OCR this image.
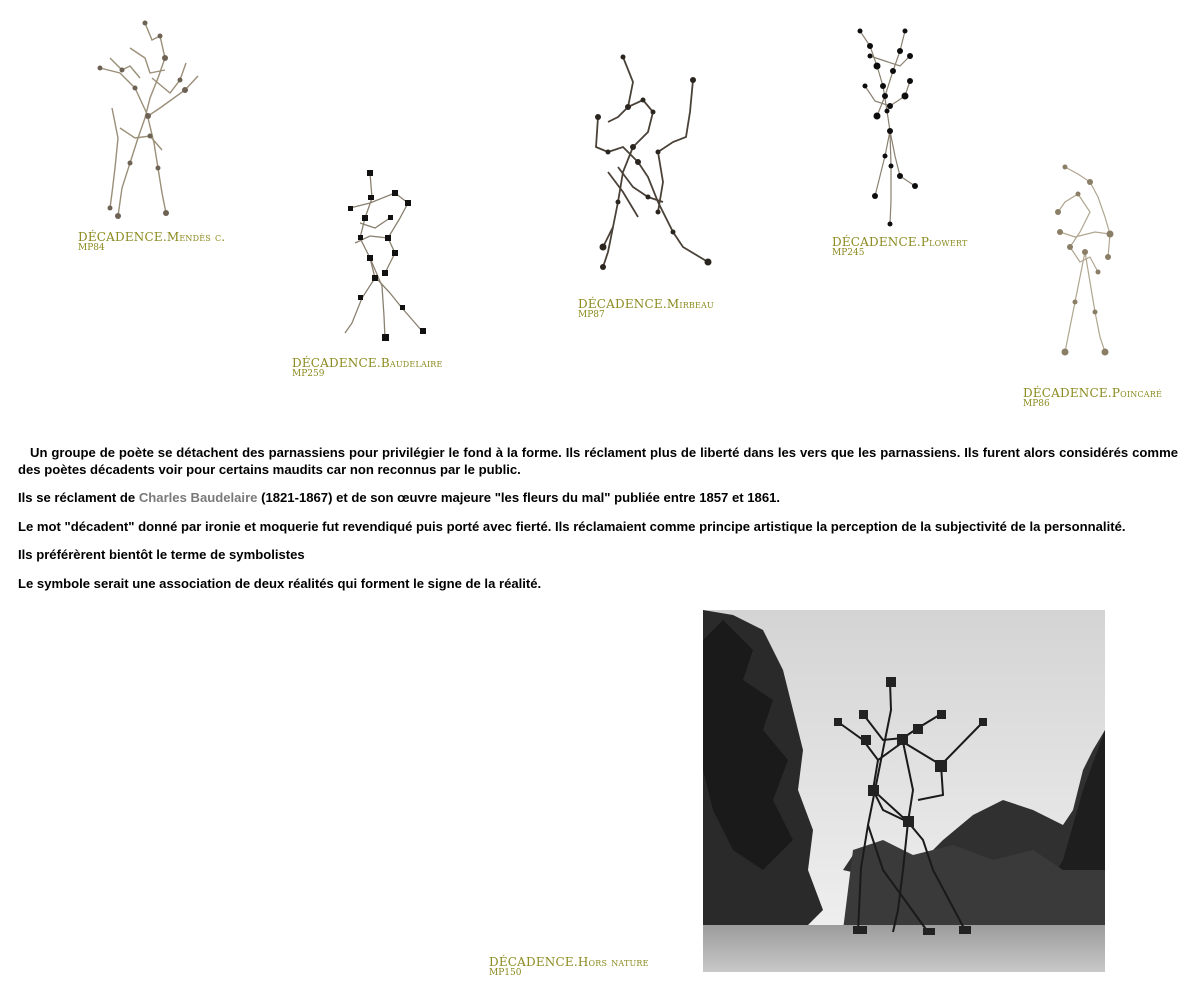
DÉCADENCE.Mendès c.
MP84
DÉCADENCE.Baudelaire
MP259
DÉCADENCE.Mirbeau
MP87
DÉCADENCE.Plowert
MP245
DÉCADENCE.Poincaré
MP86

Un groupe de poète se détachent des parnassiens pour privilégier le fond à la forme. Ils réclament plus de liberté dans les vers que les parnassiens. Ils furent alors considérés comme des poètes décadents voir pour certains maudits car non reconnus par le public.

Ils se réclament de Charles Baudelaire (1821-1867) et de son œuvre majeure "les fleurs du mal" publiée entre 1857 et 1861.

Le mot "décadent" donné par ironie et moquerie fut revendiqué puis porté avec fierté. Ils réclamaient comme principe artistique la perception de la subjectivité de la personnalité.

Ils préférèrent bientôt le terme de symbolistes

Le symbole serait une association de deux réalités qui forment le signe de la réalité.

DÉCADENCE.Hors nature
MP150
